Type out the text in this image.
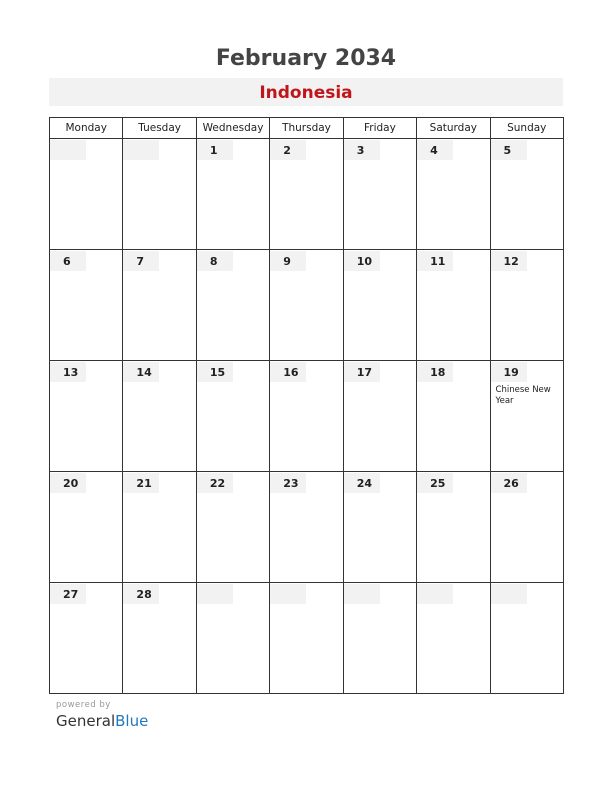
February 2034
Indonesia
Monday	Tuesday	Wednesday	Thursday	Friday	Saturday	Sunday

		1	2	3	4	5

6	7	8	9	10	11	12

13	14	15	16	17	18	19
Chinese New Year

20	21	22	23	24	25	26

27	28					

powered by
GeneralBlue
